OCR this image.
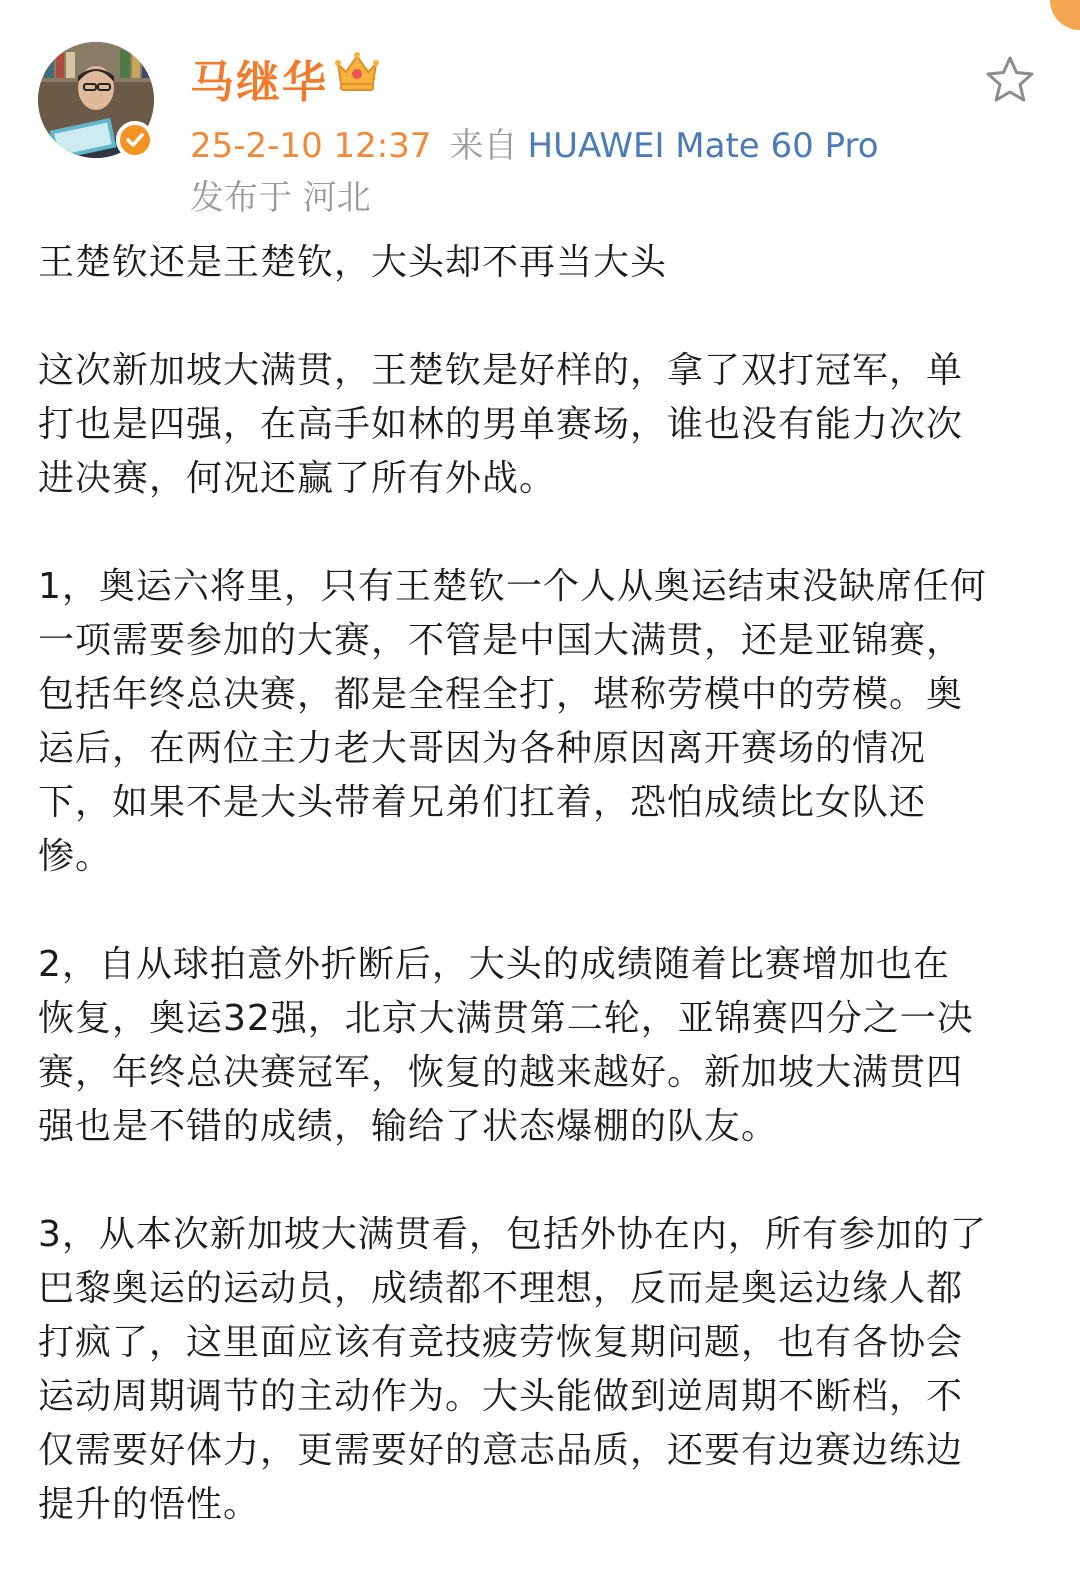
马继华
25-2-10 12:37 来自 HUAWEI Mate 60 Pro
发布于 河北

王楚钦还是王楚钦，大头却不再当大头

这次新加坡大满贯，王楚钦是好样的，拿了双打冠军，单
打也是四强，在高手如林的男单赛场，谁也没有能力次次
进决赛，何况还赢了所有外战。

1，奥运六将里，只有王楚钦一个人从奥运结束没缺席任何
一项需要参加的大赛，不管是中国大满贯，还是亚锦赛，
包括年终总决赛，都是全程全打，堪称劳模中的劳模。奥
运后，在两位主力老大哥因为各种原因离开赛场的情况
下，如果不是大头带着兄弟们扛着，恐怕成绩比女队还
惨。

2，自从球拍意外折断后，大头的成绩随着比赛增加也在
恢复，奥运32强，北京大满贯第二轮，亚锦赛四分之一决
赛，年终总决赛冠军，恢复的越来越好。新加坡大满贯四
强也是不错的成绩，输给了状态爆棚的队友。

3，从本次新加坡大满贯看，包括外协在内，所有参加的了
巴黎奥运的运动员，成绩都不理想，反而是奥运边缘人都
打疯了，这里面应该有竞技疲劳恢复期问题，也有各协会
运动周期调节的主动作为。大头能做到逆周期不断档，不
仅需要好体力，更需要好的意志品质，还要有边赛边练边
提升的悟性。
